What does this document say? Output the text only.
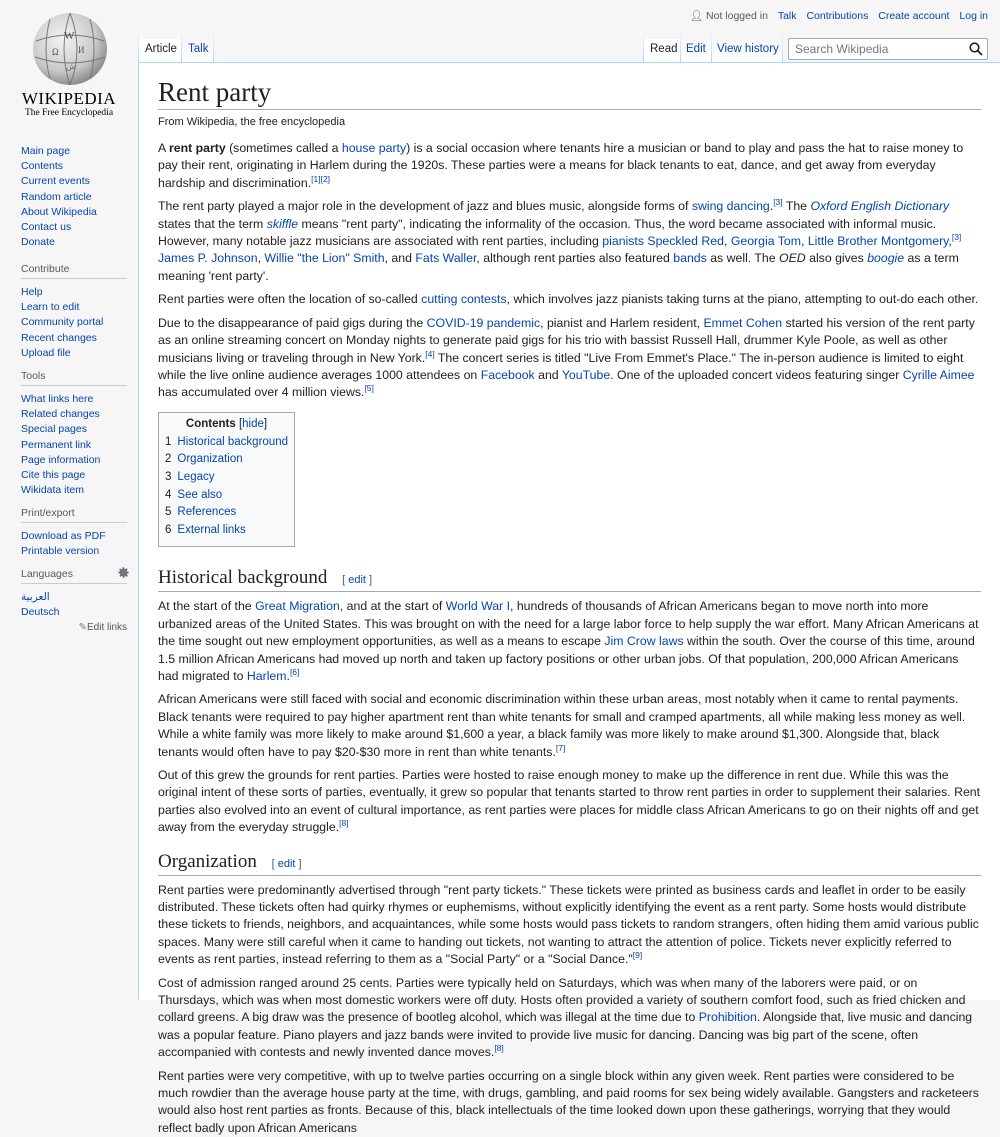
W
И
Ω
ش
WIKIPEDIA
The Free Encyclopedia
Main page
Contents
Current events
Random article
About Wikipedia
Contact us
Donate
Contribute
Help
Learn to edit
Community portal
Recent changes
Upload file
Tools
What links here
Related changes
Special pages
Permanent link
Page information
Cite this page
Wikidata item
Print/export
Download as PDF
Printable version
Languages
العربية
Deutsch
✎Edit links
👤︎ Not logged in Talk Contributions Create account Log in
Article Talk	Read Edit View history	Search Wikipedia
Rent party
From Wikipedia, the free encyclopedia

A rent party (sometimes called a house party) is a social occasion where tenants hire a musician or band to play and pass the hat to raise money to pay their rent, originating in Harlem during the 1920s. These parties were a means for black tenants to eat, dance, and get away from everyday hardship and discrimination.[1][2]

The rent party played a major role in the development of jazz and blues music, alongside forms of swing dancing.[3] The Oxford English Dictionary states that the term skiffle means "rent party", indicating the informality of the occasion. Thus, the word became associated with informal music. However, many notable jazz musicians are associated with rent parties, including pianists Speckled Red, Georgia Tom, Little Brother Montgomery,[3] James P. Johnson, Willie "the Lion" Smith, and Fats Waller, although rent parties also featured bands as well. The OED also gives boogie as a term meaning 'rent party'.

Rent parties were often the location of so-called cutting contests, which involves jazz pianists taking turns at the piano, attempting to out-do each other.

Due to the disappearance of paid gigs during the COVID-19 pandemic, pianist and Harlem resident, Emmet Cohen started his version of the rent party as an online streaming concert on Monday nights to generate paid gigs for his trio with bassist Russell Hall, drummer Kyle Poole, as well as other musicians living or traveling through in New York.[4] The concert series is titled "Live From Emmet's Place." The in-person audience is limited to eight while the live online audience averages 1000 attendees on Facebook and YouTube. One of the uploaded concert videos featuring singer Cyrille Aimee has accumulated over 4 million views.[5]

Contents [hide]
1 Historical background
2 Organization
3 Legacy
4 See also
5 References
6 External links
Historical background [ edit ]

At the start of the Great Migration, and at the start of World War I, hundreds of thousands of African Americans began to move north into more urbanized areas of the United States. This was brought on with the need for a large labor force to help supply the war effort. Many African Americans at the time sought out new employment opportunities, as well as a means to escape Jim Crow laws within the south. Over the course of this time, around 1.5 million African Americans had moved up north and taken up factory positions or other urban jobs. Of that population, 200,000 African Americans had migrated to Harlem.[6]

African Americans were still faced with social and economic discrimination within these urban areas, most notably when it came to rental payments. Black tenants were required to pay higher apartment rent than white tenants for small and cramped apartments, all while making less money as well. While a white family was more likely to make around $1,600 a year, a black family was more likely to make around $1,300. Alongside that, black tenants would often have to pay $20-$30 more in rent than white tenants.[7]

Out of this grew the grounds for rent parties. Parties were hosted to raise enough money to make up the difference in rent due. While this was the original intent of these sorts of parties, eventually, it grew so popular that tenants started to throw rent parties in order to supplement their salaries. Rent parties also evolved into an event of cultural importance, as rent parties were places for middle class African Americans to go on their nights off and get away from the everyday struggle.[8]

Organization [ edit ]

Rent parties were predominantly advertised through "rent party tickets." These tickets were printed as business cards and leaflet in order to be easily distributed. These tickets often had quirky rhymes or euphemisms, without explicitly identifying the event as a rent party. Some hosts would distribute these tickets to friends, neighbors, and acquaintances, while some hosts would pass tickets to random strangers, often hiding them amid various public spaces. Many were still careful when it came to handing out tickets, not wanting to attract the attention of police. Tickets never explicitly referred to events as rent parties, instead referring to them as a "Social Party" or a "Social Dance."[9]

Cost of admission ranged around 25 cents. Parties were typically held on Saturdays, which was when many of the laborers were paid, or on Thursdays, which was when most domestic workers were off duty. Hosts often provided a variety of southern comfort food, such as fried chicken and collard greens. A big draw was the presence of bootleg alcohol, which was illegal at the time due to Prohibition. Alongside that, live music and dancing was a popular feature. Piano players and jazz bands were invited to provide live music for dancing. Dancing was big part of the scene, often accompanied with contests and newly invented dance moves.[8]

Rent parties were very competitive, with up to twelve parties occurring on a single block within any given week. Rent parties were considered to be much rowdier than the average house party at the time, with drugs, gambling, and paid rooms for sex being widely available. Gangsters and racketeers would also host rent parties as fronts. Because of this, black intellectuals of the time looked down upon these gatherings, worrying that they would reflect badly upon African Americans
